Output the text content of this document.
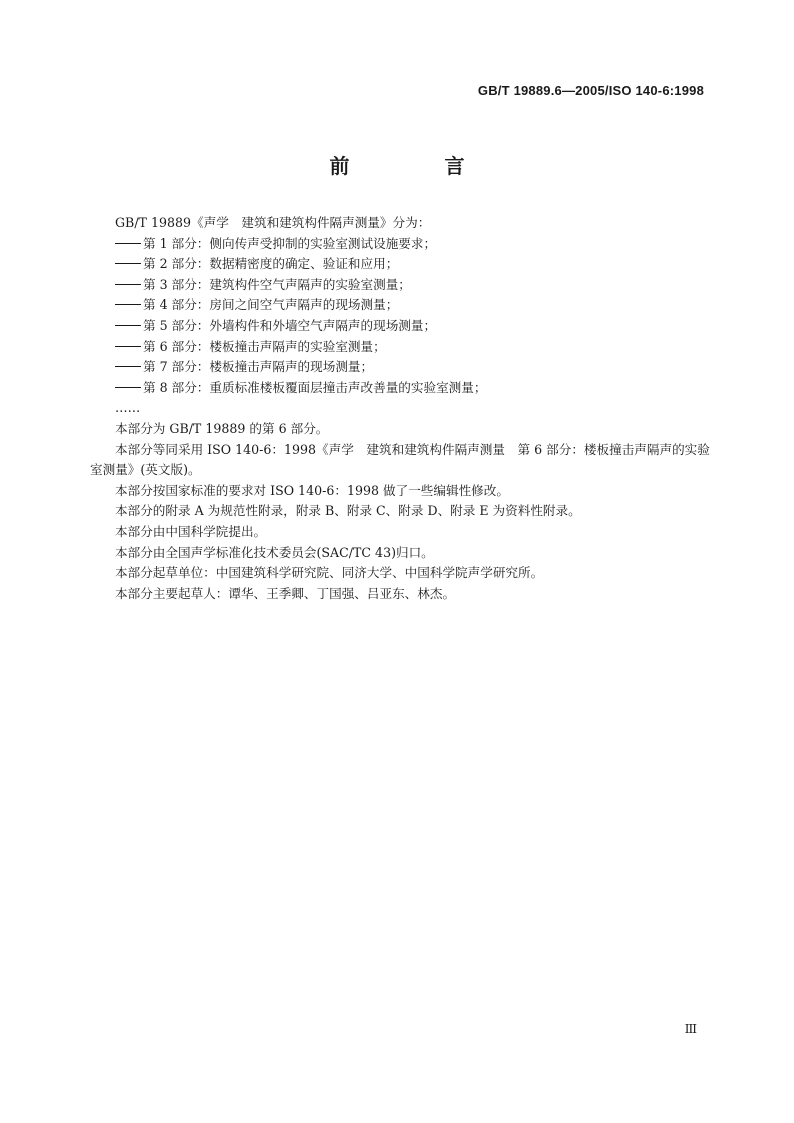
GB/T 19889.6—2005/ISO 140-6:1998
前 言

GB/T 19889《声学　建筑和建筑构件隔声测量》分为：

第 1 部分：侧向传声受抑制的实验室测试设施要求；

第 2 部分：数据精密度的确定、验证和应用；

第 3 部分：建筑构件空气声隔声的实验室测量；

第 4 部分：房间之间空气声隔声的现场测量；

第 5 部分：外墙构件和外墙空气声隔声的现场测量；

第 6 部分：楼板撞击声隔声的实验室测量；

第 7 部分：楼板撞击声隔声的现场测量；

第 8 部分：重质标准楼板覆面层撞击声改善量的实验室测量；

……

本部分为 GB/T 19889 的第 6 部分。

本部分等同采用 ISO 140-6：1998《声学　建筑和建筑构件隔声测量　第 6 部分：楼板撞击声隔声的实验室测量》(英文版)。

本部分按国家标准的要求对 ISO 140-6：1998 做了一些编辑性修改。

本部分的附录 A 为规范性附录，附录 B、附录 C、附录 D、附录 E 为资料性附录。

本部分由中国科学院提出。

本部分由全国声学标准化技术委员会(SAC/TC 43)归口。

本部分起草单位：中国建筑科学研究院、同济大学、中国科学院声学研究所。

本部分主要起草人：谭华、王季卿、丁国强、吕亚东、林杰。

III
